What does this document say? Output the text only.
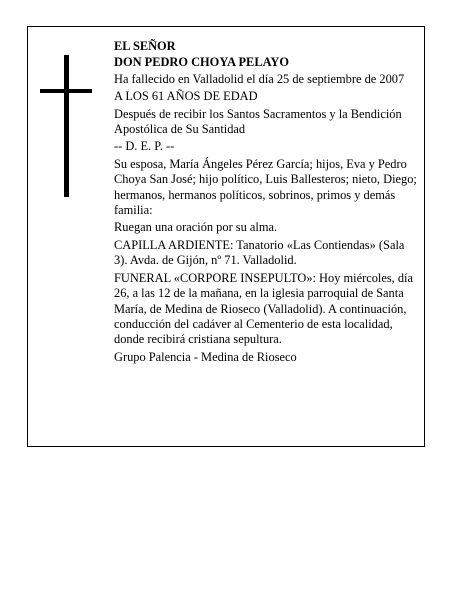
EL SEÑOR

DON PEDRO CHOYA PELAYO

Ha fallecido en Valladolid el día 25 de septiembre de 2007

A LOS 61 AÑOS DE EDAD

Después de recibir los Santos Sacramentos y la Bendición Apostólica de Su Santidad

-- D. E. P. --

Su esposa, María Ángeles Pérez García; hijos, Eva y Pedro Choya San José; hijo político, Luis Ballesteros; nieto, Diego; hermanos, hermanos políticos, sobrinos, primos y demás familia:

Ruegan una oración por su alma.

CAPILLA ARDIENTE: Tanatorio «Las Contiendas» (Sala 3). Avda. de Gijón, nº 71. Valladolid.

FUNERAL «CORPORE INSEPULTO»: Hoy miércoles, día 26, a las 12 de la mañana, en la iglesia parroquial de Santa María, de Medina de Rioseco (Valladolid). A continuación, conducción del cadáver al Cementerio de esta localidad, donde recibirá cristiana sepultura.

Grupo Palencia - Medina de Rioseco
